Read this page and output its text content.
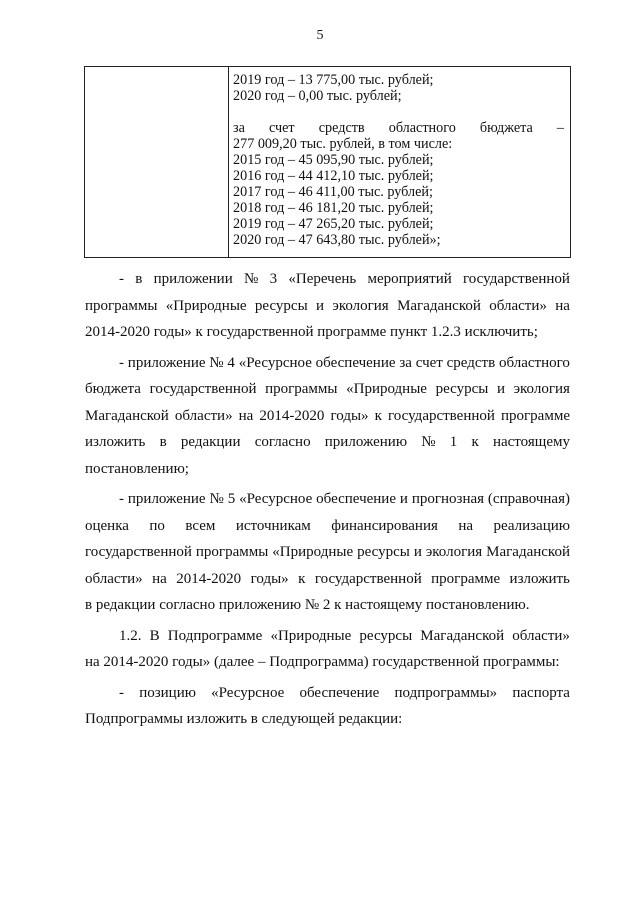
5
2019 год – 13 775,00 тыс. рублей;
2020 год – 0,00 тыс. рублей;
за счет средств областного бюджета –
277 009,20 тыс. рублей, в том числе:
2015 год – 45 095,90 тыс. рублей;
2016 год – 44 412,10 тыс. рублей;
2017 год – 46 411,00 тыс. рублей;
2018 год – 46 181,20 тыс. рублей;
2019 год – 47 265,20 тыс. рублей;
2020 год – 47 643,80 тыс. рублей»;
- в приложении № 3 «Перечень мероприятий государственной
программы «Природные ресурсы и экология Магаданской области» на
2014-2020 годы» к государственной программе пункт 1.2.3 исключить;
- приложение № 4 «Ресурсное обеспечение за счет средств областного
бюджета государственной программы «Природные ресурсы и экология
Магаданской области» на 2014-2020 годы» к государственной программе
изложить в редакции согласно приложению № 1 к настоящему
постановлению;
- приложение № 5 «Ресурсное обеспечение и прогнозная (справочная)
оценка по всем источникам финансирования на реализацию
государственной программы «Природные ресурсы и экология Магаданской
области» на 2014-2020 годы» к государственной программе изложить
в редакции согласно приложению № 2 к настоящему постановлению.
1.2. В Подпрограмме «Природные ресурсы Магаданской области»
на 2014-2020 годы» (далее – Подпрограмма) государственной программы:
- позицию «Ресурсное обеспечение подпрограммы» паспорта
Подпрограммы изложить в следующей редакции:
